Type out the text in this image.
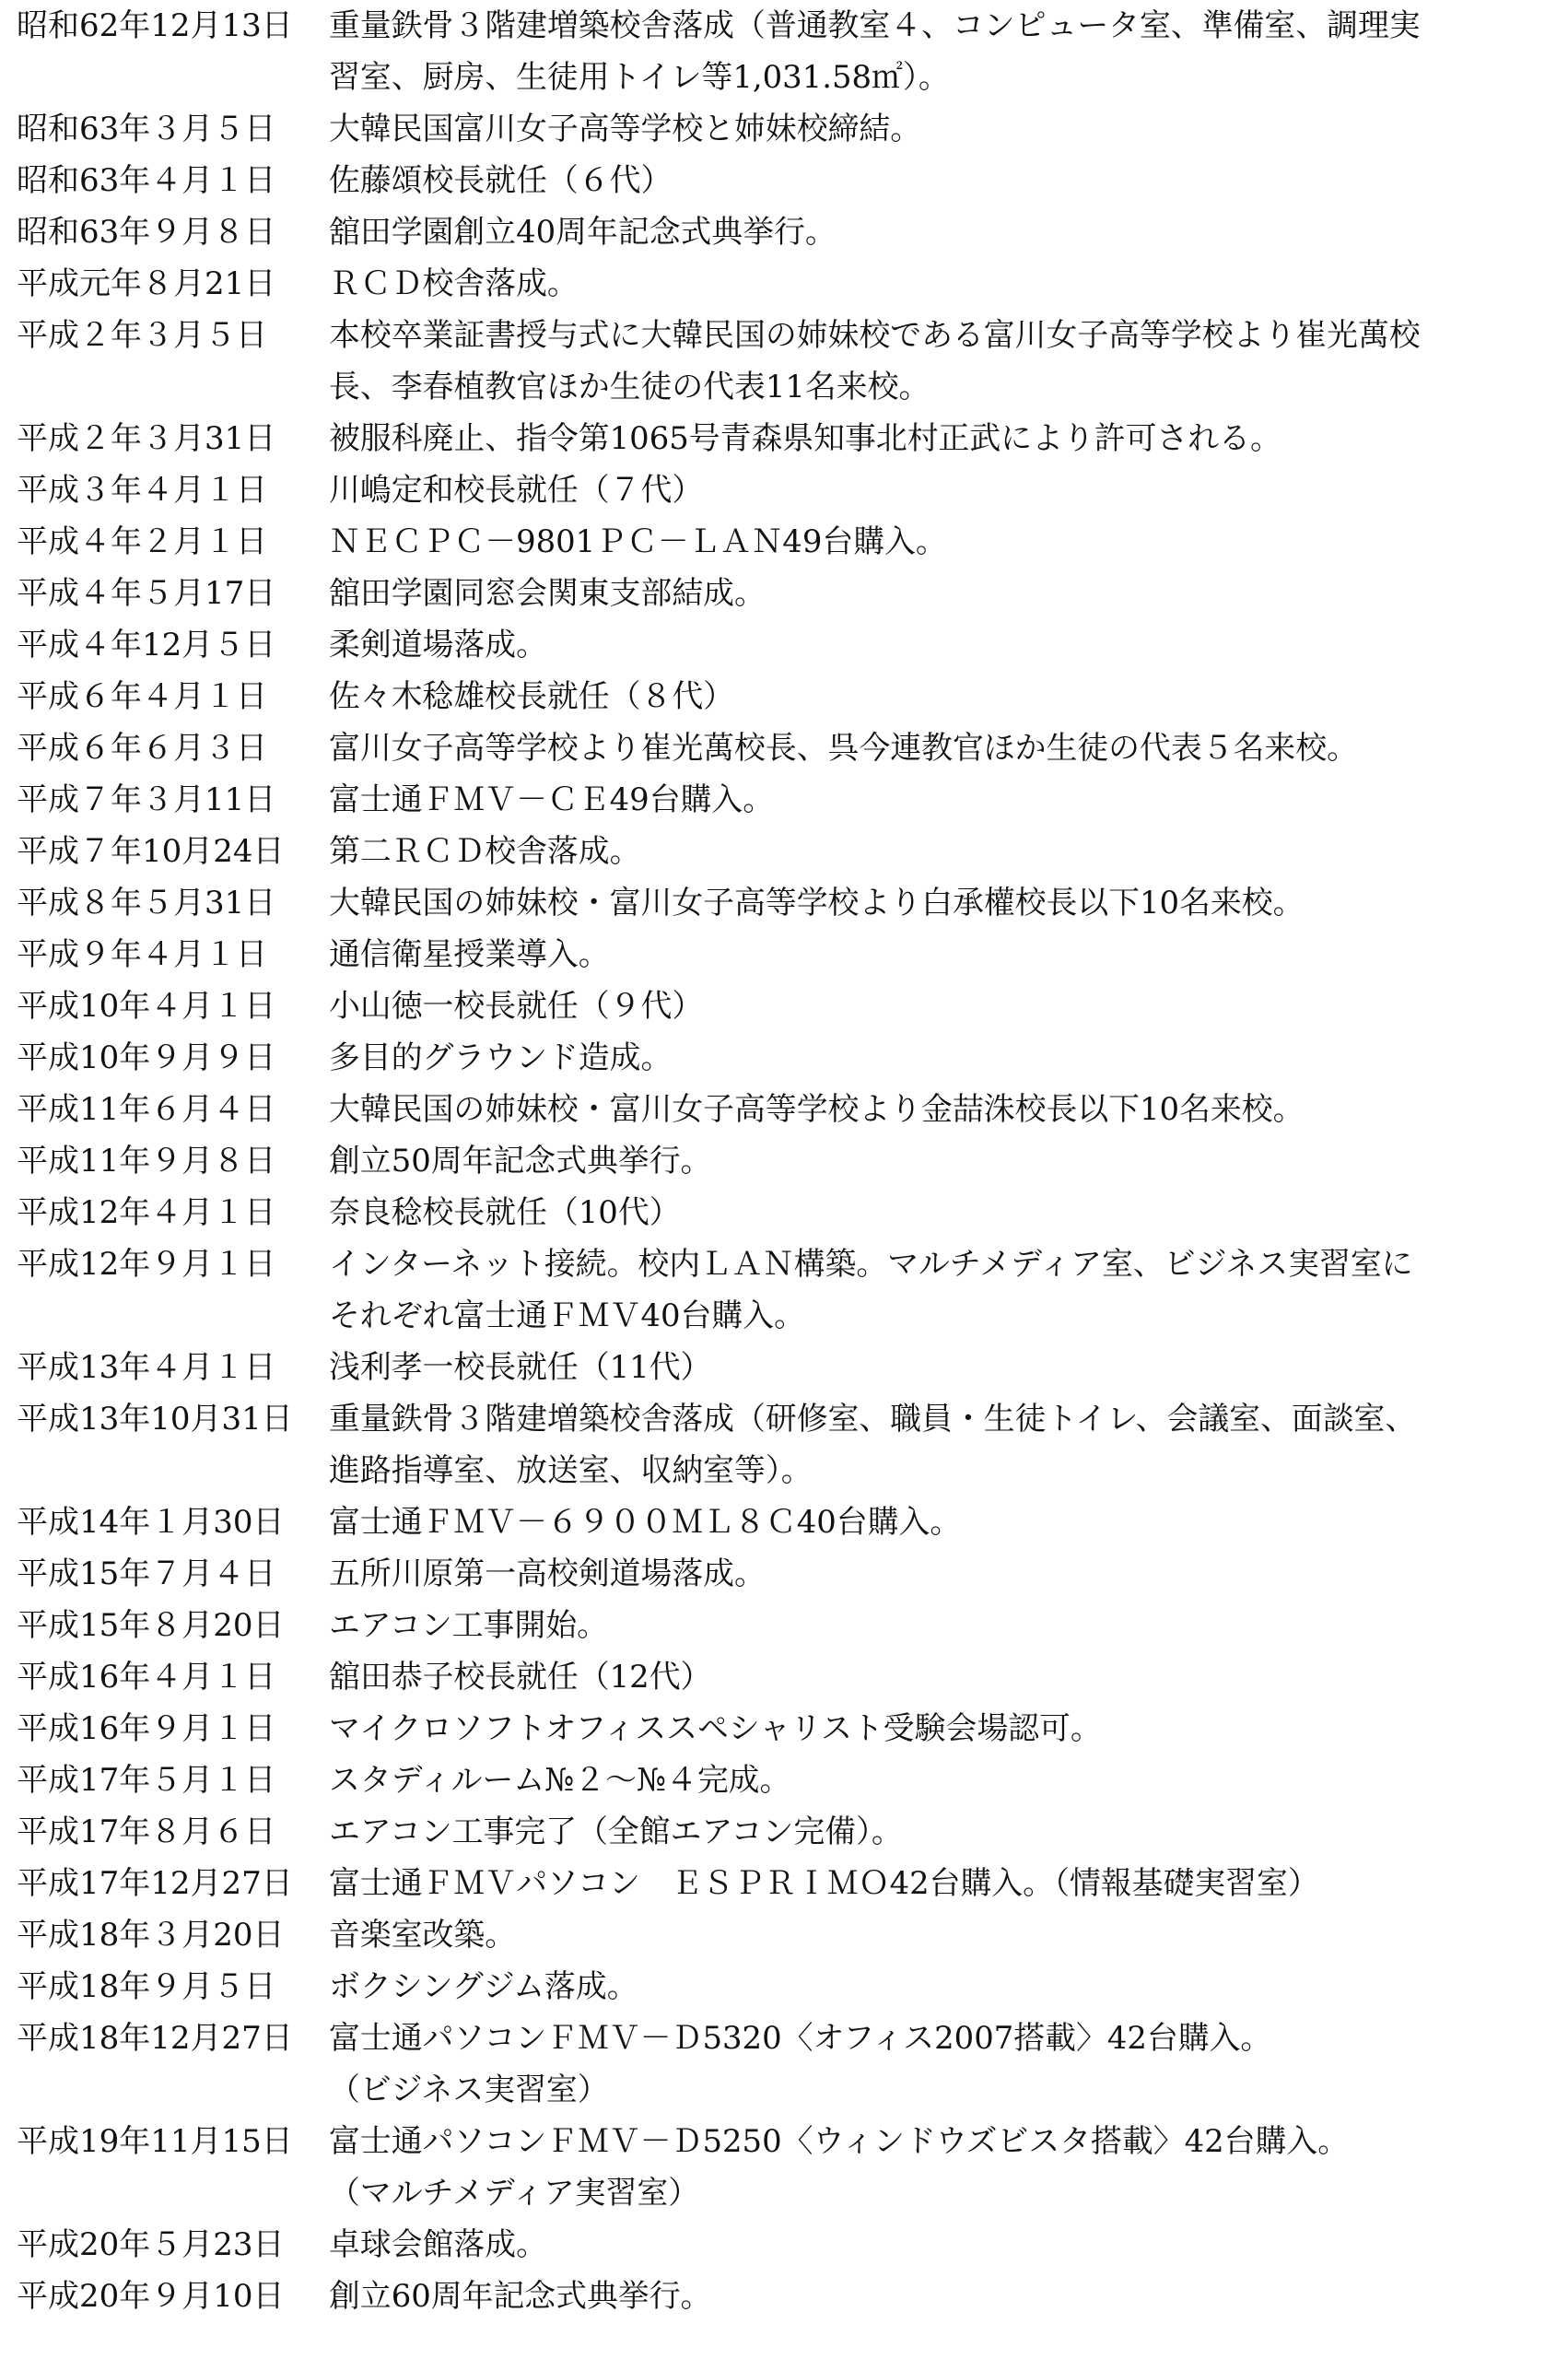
昭和62年12月13日	重量鉄骨３階建増築校舎落成（普通教室４、コンピュータ室、準備室、調理実
習室、厨房、生徒用トイレ等1,031.58㎡）。
昭和63年３月５日	大韓民国富川女子高等学校と姉妹校締結。
昭和63年４月１日	佐藤頌校長就任（６代）
昭和63年９月８日	舘田学園創立40周年記念式典挙行。
平成元年８月21日	ＲＣＤ校舎落成。
平成２年３月５日	本校卒業証書授与式に大韓民国の姉妹校である富川女子高等学校より崔光萬校
長、李春植教官ほか生徒の代表11名来校。
平成２年３月31日	被服科廃止、指令第1065号青森県知事北村正武により許可される。
平成３年４月１日	川嶋定和校長就任（７代）
平成４年２月１日	ＮＥＣＰＣ－9801ＰＣ－ＬＡＮ49台購入。
平成４年５月17日	舘田学園同窓会関東支部結成。
平成４年12月５日	柔剣道場落成。
平成６年４月１日	佐々木稔雄校長就任（８代）
平成６年６月３日	富川女子高等学校より崔光萬校長、呉今連教官ほか生徒の代表５名来校。
平成７年３月11日	富士通ＦＭＶ－ＣＥ49台購入。
平成７年10月24日	第二ＲＣＤ校舎落成。
平成８年５月31日	大韓民国の姉妹校・富川女子高等学校より白承權校長以下10名来校。
平成９年４月１日	通信衛星授業導入。
平成10年４月１日	小山徳一校長就任（９代）
平成10年９月９日	多目的グラウンド造成。
平成11年６月４日	大韓民国の姉妹校・富川女子高等学校より金喆洙校長以下10名来校。
平成11年９月８日	創立50周年記念式典挙行。
平成12年４月１日	奈良稔校長就任（10代）
平成12年９月１日	インターネット接続。校内ＬＡＮ構築。マルチメディア室、ビジネス実習室に
それぞれ富士通ＦＭＶ40台購入。
平成13年４月１日	浅利孝一校長就任（11代）
平成13年10月31日	重量鉄骨３階建増築校舎落成（研修室、職員・生徒トイレ、会議室、面談室、
進路指導室、放送室、収納室等）。
平成14年１月30日	富士通ＦＭＶ－６９００ＭＬ８Ｃ40台購入。
平成15年７月４日	五所川原第一高校剣道場落成。
平成15年８月20日	エアコン工事開始。
平成16年４月１日	舘田恭子校長就任（12代）
平成16年９月１日	マイクロソフトオフィススペシャリスト受験会場認可。
平成17年５月１日	スタディルーム№２～№４完成。
平成17年８月６日	エアコン工事完了（全館エアコン完備）。
平成17年12月27日	富士通ＦＭＶパソコン　ＥＳＰＲＩＭＯ42台購入。（情報基礎実習室）
平成18年３月20日	音楽室改築。
平成18年９月５日	ボクシングジム落成。
平成18年12月27日	富士通パソコンＦＭＶ－Ｄ5320〈オフィス2007搭載〉42台購入。
（ビジネス実習室）
平成19年11月15日	富士通パソコンＦＭＶ－Ｄ5250〈ウィンドウズビスタ搭載〉42台購入。
（マルチメディア実習室）
平成20年５月23日	卓球会館落成。
平成20年９月10日	創立60周年記念式典挙行。
